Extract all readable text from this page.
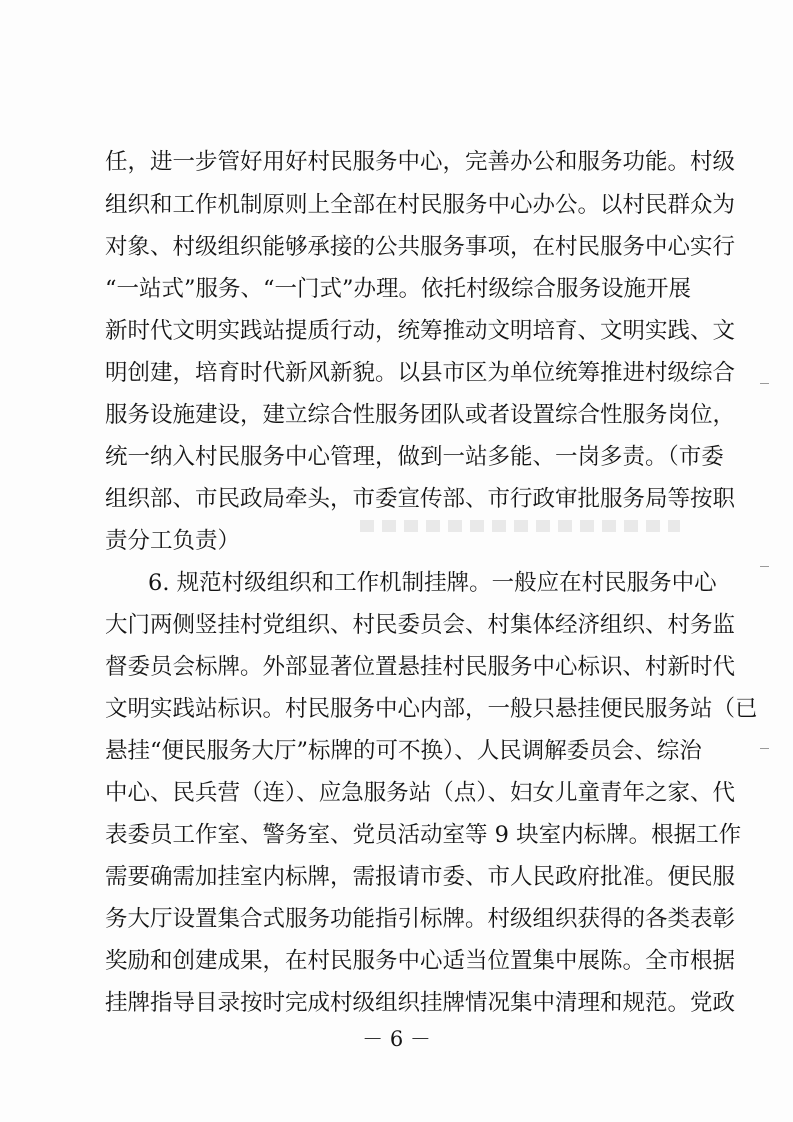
任，进一步管好用好村民服务中心，完善办公和服务功能。村级
组织和工作机制原则上全部在村民服务中心办公。以村民群众为
对象、村级组织能够承接的公共服务事项，在村民服务中心实行
“一站式”服务、“一门式”办理。依托村级综合服务设施开展
新时代文明实践站提质行动，统筹推动文明培育、文明实践、文
明创建，培育时代新风新貌。以县市区为单位统筹推进村级综合
服务设施建设，建立综合性服务团队或者设置综合性服务岗位，
统一纳入村民服务中心管理，做到一站多能、一岗多责。（市委
组织部、市民政局牵头，市委宣传部、市行政审批服务局等按职
责分工负责）
6. 规范村级组织和工作机制挂牌。一般应在村民服务中心
大门两侧竖挂村党组织、村民委员会、村集体经济组织、村务监
督委员会标牌。外部显著位置悬挂村民服务中心标识、村新时代
文明实践站标识。村民服务中心内部，一般只悬挂便民服务站（已
悬挂“便民服务大厅”标牌的可不换）、人民调解委员会、综治
中心、民兵营（连）、应急服务站（点）、妇女儿童青年之家、代
表委员工作室、警务室、党员活动室等 9 块室内标牌。根据工作
需要确需加挂室内标牌，需报请市委、市人民政府批准。便民服
务大厅设置集合式服务功能指引标牌。村级组织获得的各类表彰
奖励和创建成果，在村民服务中心适当位置集中展陈。全市根据
挂牌指导目录按时完成村级组织挂牌情况集中清理和规范。党政
－ 6 －
